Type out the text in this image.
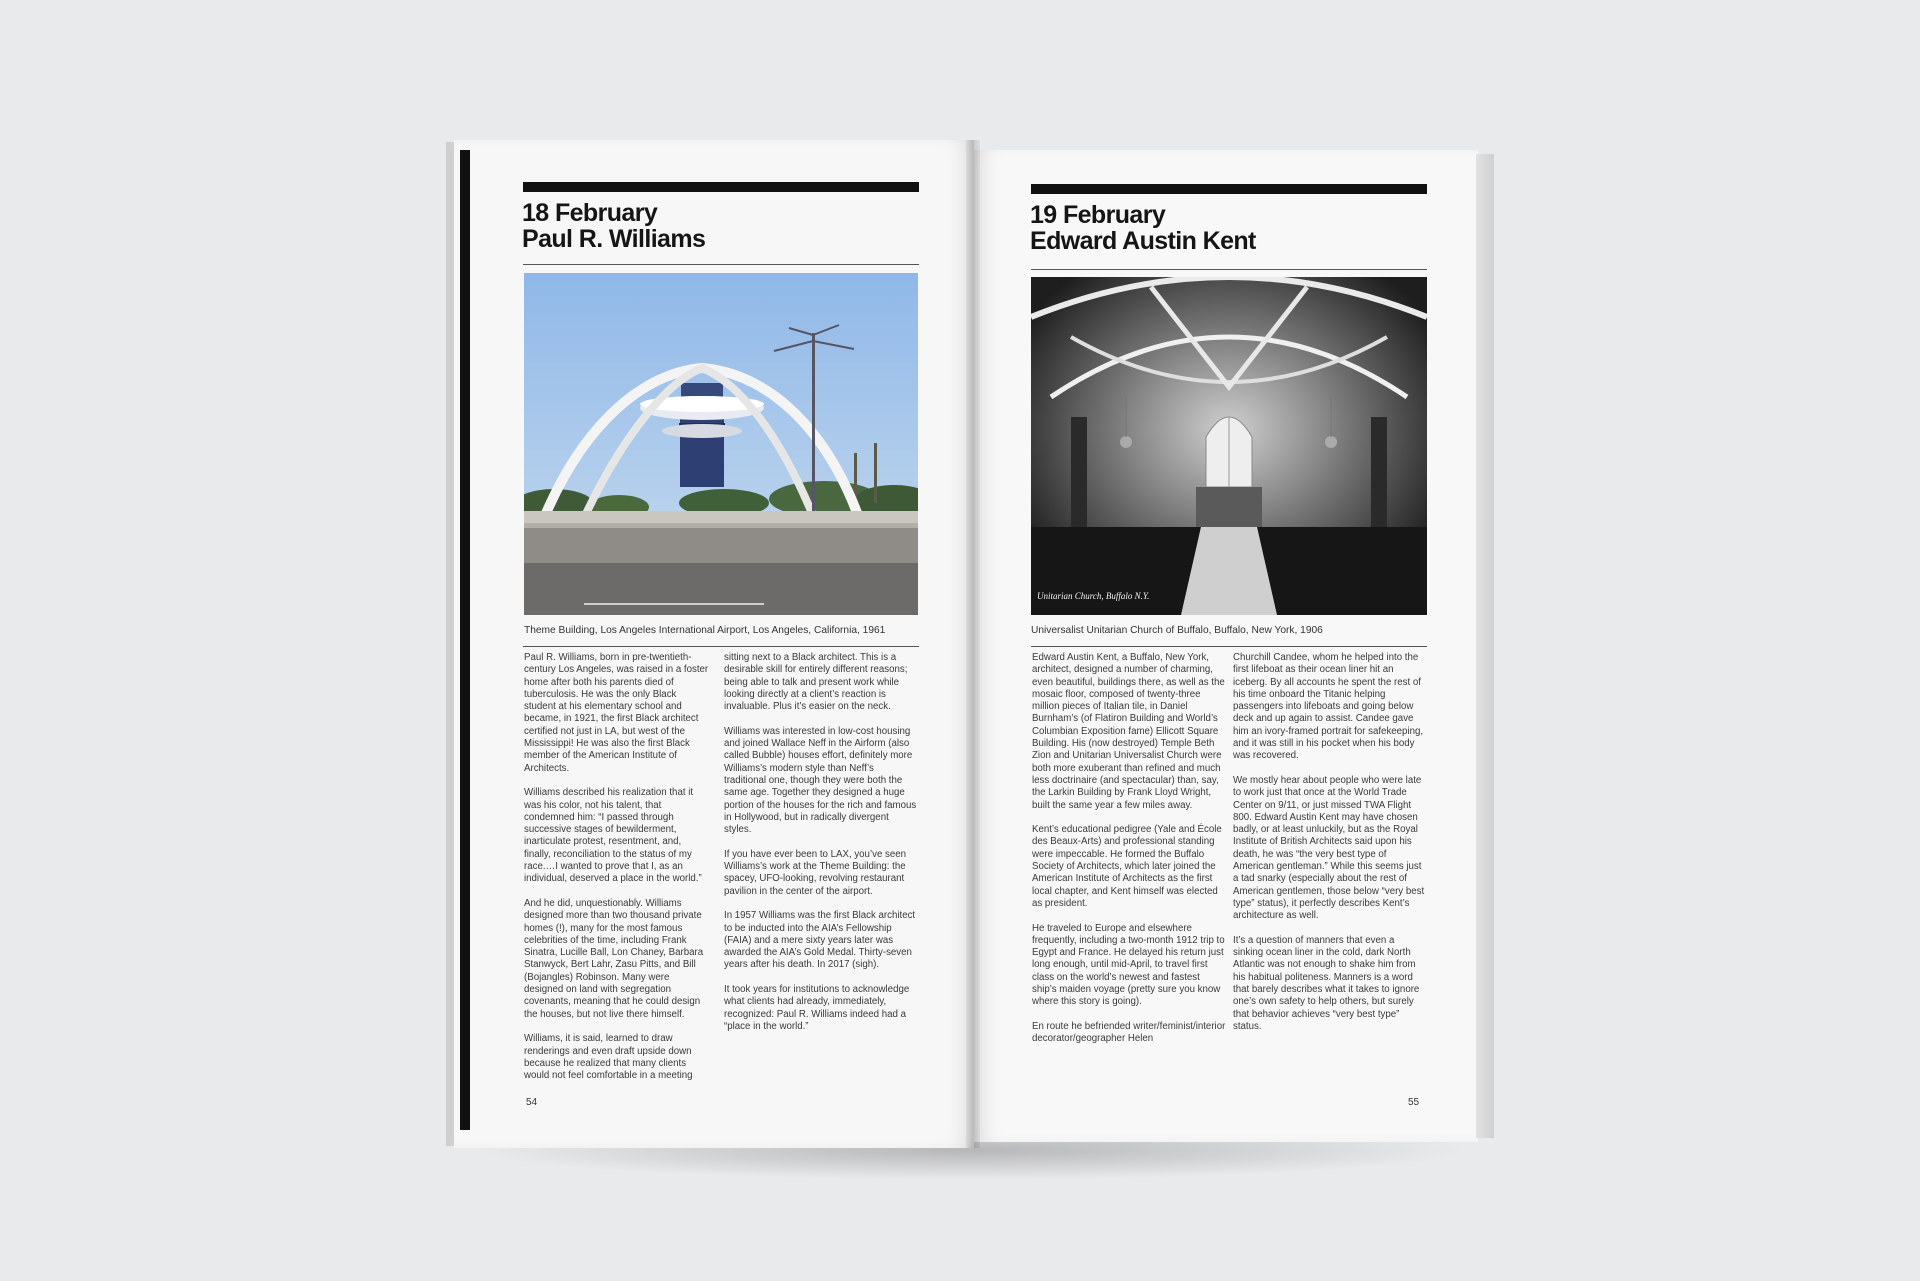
18 February
Paul R. Williams
Theme Building, Los Angeles International Airport, Los Angeles, California, 1961

Paul R. Williams, born in pre-twentieth-century Los Angeles, was raised in a foster home after both his parents died of tuberculosis. He was the only Black student at his elementary school and became, in 1921, the first Black architect certified not just in LA, but west of the Mississippi! He was also the first Black member of the American Institute of Architects.

Williams described his realization that it was his color, not his talent, that condemned him: “I passed through successive stages of bewilderment, inarticulate protest, resentment, and, finally, reconciliation to the status of my race.…I wanted to prove that I, as an individual, deserved a place in the world.”

And he did, unquestionably. Williams designed more than two thousand private homes (!), many for the most famous celebrities of the time, including Frank Sinatra, Lucille Ball, Lon Chaney, Barbara Stanwyck, Bert Lahr, Zasu Pitts, and Bill (Bojangles) Robinson. Many were designed on land with segregation covenants, meaning that he could design the houses, but not live there himself.

Williams, it is said, learned to draw renderings and even draft upside down because he realized that many clients would not feel comfortable in a meeting

sitting next to a Black architect. This is a desirable skill for entirely different reasons; being able to talk and present work while looking directly at a client’s reaction is invaluable. Plus it’s easier on the neck.

Williams was interested in low-cost housing and joined Wallace Neff in the Airform (also called Bubble) houses effort, definitely more Williams’s modern style than Neff’s traditional one, though they were both the same age. Together they designed a huge portion of the houses for the rich and famous in Hollywood, but in radically divergent styles.

If you have ever been to LAX, you’ve seen Williams’s work at the Theme Building: the spacey, UFO-looking, revolving restaurant pavilion in the center of the airport.

In 1957 Williams was the first Black architect to be inducted into the AIA’s Fellowship (FAIA) and a mere sixty years later was awarded the AIA’s Gold Medal. Thirty-seven years after his death. In 2017 (sigh).

It took years for institutions to acknowledge what clients had already, immediately, recognized: Paul R. Williams indeed had a “place in the world.”

54
19 February
Edward Austin Kent
Unitarian Church, Buffalo N.Y.
Universalist Unitarian Church of Buffalo, Buffalo, New York, 1906

Edward Austin Kent, a Buffalo, New York, architect, designed a number of charming, even beautiful, buildings there, as well as the mosaic floor, composed of twenty-three million pieces of Italian tile, in Daniel Burnham’s (of Flatiron Building and World’s Columbian Exposition fame) Ellicott Square Building. His (now destroyed) Temple Beth Zion and Unitarian Universalist Church were both more exuberant than refined and much less doctrinaire (and spectacular) than, say, the Larkin Building by Frank Lloyd Wright, built the same year a few miles away.

Kent’s educational pedigree (Yale and École des Beaux-Arts) and professional standing were impeccable. He formed the Buffalo Society of Architects, which later joined the American Institute of Architects as the first local chapter, and Kent himself was elected as president.

He traveled to Europe and elsewhere frequently, including a two-month 1912 trip to Egypt and France. He delayed his return just long enough, until mid-April, to travel first class on the world’s newest and fastest ship’s maiden voyage (pretty sure you know where this story is going).

En route he befriended writer/feminist/interior decorator/geographer Helen

Churchill Candee, whom he helped into the first lifeboat as their ocean liner hit an iceberg. By all accounts he spent the rest of his time onboard the Titanic helping passengers into lifeboats and going below deck and up again to assist. Candee gave him an ivory-framed portrait for safekeeping, and it was still in his pocket when his body was recovered.

We mostly hear about people who were late to work just that once at the World Trade Center on 9/11, or just missed TWA Flight 800. Edward Austin Kent may have chosen badly, or at least unluckily, but as the Royal Institute of British Architects said upon his death, he was “the very best type of American gentleman.” While this seems just a tad snarky (especially about the rest of American gentlemen, those below “very best type” status), it perfectly describes Kent’s architecture as well.

It’s a question of manners that even a sinking ocean liner in the cold, dark North Atlantic was not enough to shake him from his habitual politeness. Manners is a word that barely describes what it takes to ignore one’s own safety to help others, but surely that behavior achieves “very best type” status.

55
